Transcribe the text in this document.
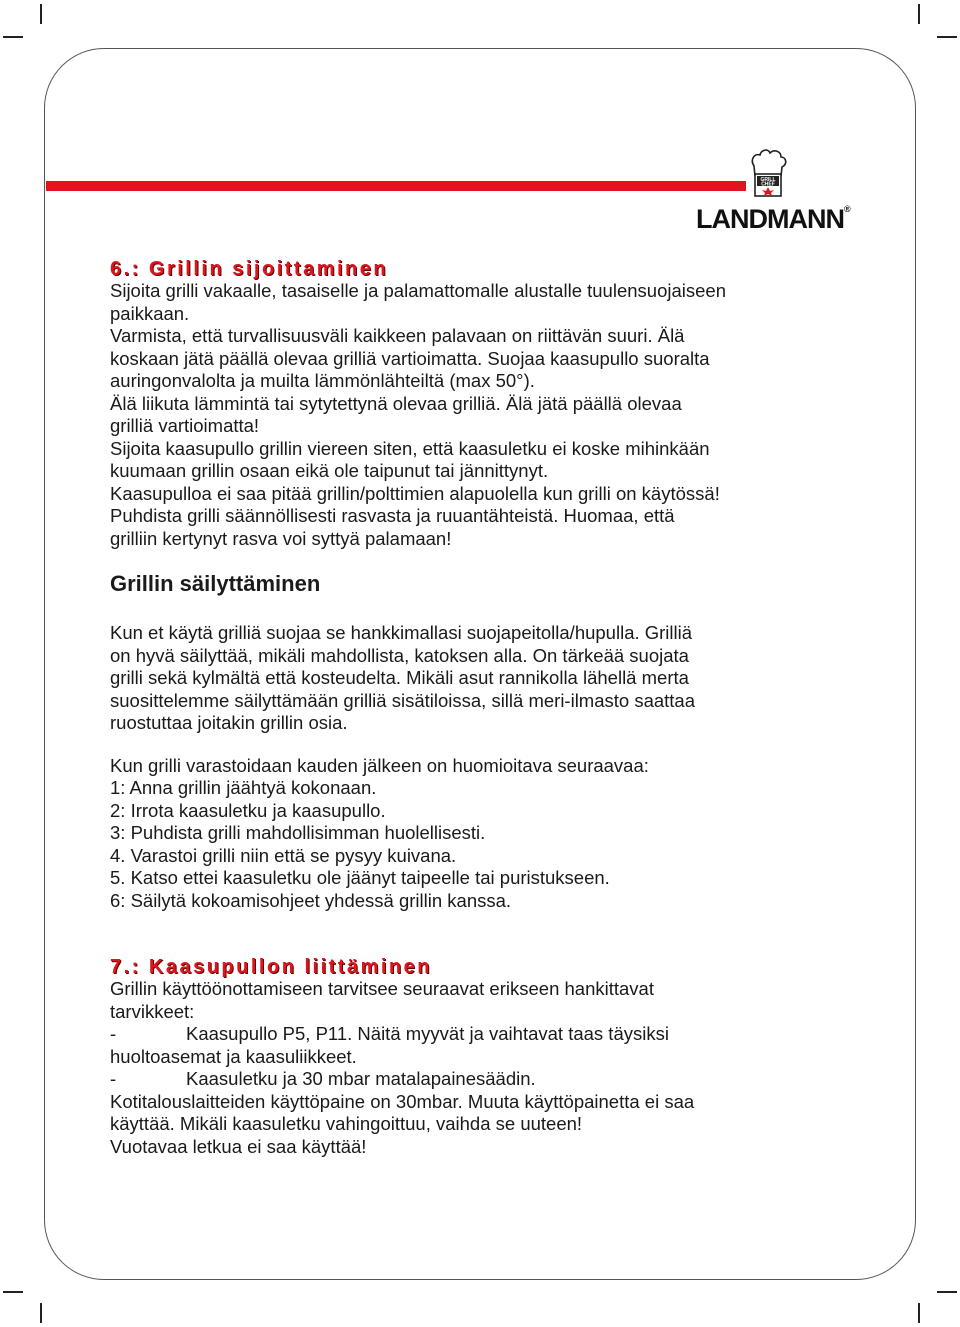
GRILL
CHEF
LANDMANN®
6.: Grillin sijoittaminen

Sijoita grilli vakaalle, tasaiselle ja palamattomalle alustalle tuulensuojaiseen

paikkaan.

Varmista, että turvallisuusväli kaikkeen palavaan on riittävän suuri. Älä

koskaan jätä päällä olevaa grilliä vartioimatta. Suojaa kaasupullo suoralta

auringonvalolta ja muilta lämmönlähteiltä (max 50°).

Älä liikuta lämmintä tai sytytettynä olevaa grilliä. Älä jätä päällä olevaa

grilliä vartioimatta!

Sijoita kaasupullo grillin viereen siten, että kaasuletku ei koske mihinkään

kuumaan grillin osaan eikä ole taipunut tai jännittynyt.

Kaasupulloa ei saa pitää grillin/polttimien alapuolella kun grilli on käytössä!

Puhdista grilli säännöllisesti rasvasta ja ruuantähteistä. Huomaa, että

grilliin kertynyt rasva voi syttyä palamaan!

Grillin säilyttäminen

Kun et käytä grilliä suojaa se hankkimallasi suojapeitolla/hupulla. Grilliä

on hyvä säilyttää, mikäli mahdollista, katoksen alla. On tärkeää suojata

grilli sekä kylmältä että kosteudelta. Mikäli asut rannikolla lähellä merta

suosittelemme säilyttämään grilliä sisätiloissa, sillä meri-ilmasto saattaa

ruostuttaa joitakin grillin osia.

Kun grilli varastoidaan kauden jälkeen on huomioitava seuraavaa:

1: Anna grillin jäähtyä kokonaan.

2: Irrota kaasuletku ja kaasupullo.

3: Puhdista grilli mahdollisimman huolellisesti.

4. Varastoi grilli niin että se pysyy kuivana.

5. Katso ettei kaasuletku ole jäänyt taipeelle tai puristukseen.

6: Säilytä kokoamisohjeet yhdessä grillin kanssa.

7.: Kaasupullon liittäminen

Grillin käyttöönottamiseen tarvitsee seuraavat erikseen hankittavat

tarvikkeet:

-	Kaasupullo P5, P11. Näitä myyvät ja vaihtavat taas täysiksi

huoltoasemat ja kaasuliikkeet.

-	Kaasuletku ja 30 mbar matalapainesäädin.

Kotitalouslaitteiden käyttöpaine on 30mbar. Muuta käyttöpainetta ei saa

käyttää. Mikäli kaasuletku vahingoittuu, vaihda se uuteen!

Vuotavaa letkua ei saa käyttää!
